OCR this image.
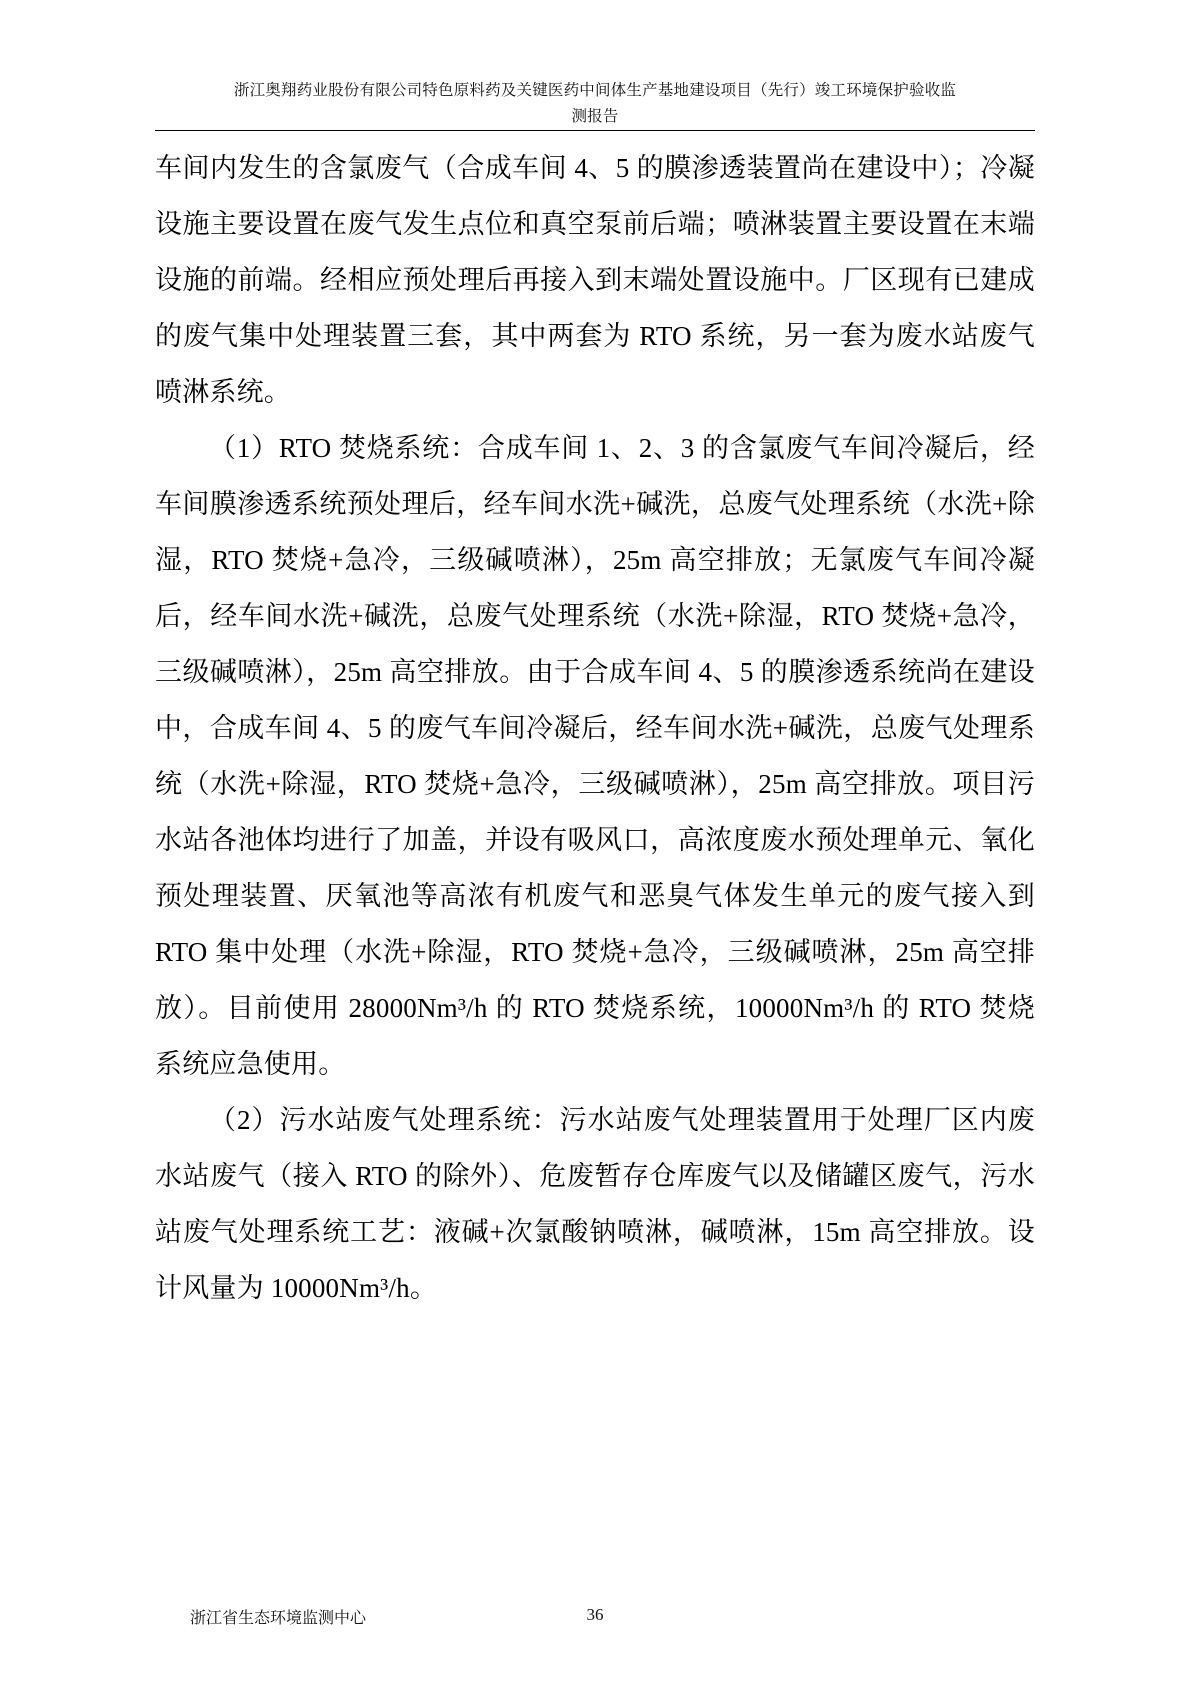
浙江奥翔药业股份有限公司特色原料药及关键医药中间体生产基地建设项目（先行）竣工环境保护验收监
测报告

车间内发生的含氯废气（合成车间 4、5 的膜渗透装置尚在建设中）；冷凝设施主要设置在废气发生点位和真空泵前后端；喷淋装置主要设置在末端设施的前端。经相应预处理后再接入到末端处置设施中。厂区现有已建成的废气集中处理装置三套，其中两套为 RTO 系统，另一套为废水站废气喷淋系统。

（1）RTO 焚烧系统：合成车间 1、2、3 的含氯废气车间冷凝后，经车间膜渗透系统预处理后，经车间水洗+碱洗，总废气处理系统（水洗+除湿，RTO 焚烧+急冷，三级碱喷淋），25m 高空排放；无氯废气车间冷凝后，经车间水洗+碱洗，总废气处理系统（水洗+除湿，RTO 焚烧+急冷，三级碱喷淋），25m 高空排放。由于合成车间 4、5 的膜渗透系统尚在建设中，合成车间 4、5 的废气车间冷凝后，经车间水洗+碱洗，总废气处理系统（水洗+除湿，RTO 焚烧+急冷，三级碱喷淋），25m 高空排放。项目污水站各池体均进行了加盖，并设有吸风口，高浓度废水预处理单元、氧化预处理装置、厌氧池等高浓有机废气和恶臭气体发生单元的废气接入到 RTO 集中处理（水洗+除湿，RTO 焚烧+急冷，三级碱喷淋，25m 高空排放）。目前使用 28000Nm³/h 的 RTO 焚烧系统，10000Nm³/h 的 RTO 焚烧系统应急使用。

（2）污水站废气处理系统：污水站废气处理装置用于处理厂区内废水站废气（接入 RTO 的除外）、危废暂存仓库废气以及储罐区废气，污水站废气处理系统工艺：液碱+次氯酸钠喷淋，碱喷淋，15m 高空排放。设计风量为 10000Nm³/h。

浙江省生态环境监测中心	36
